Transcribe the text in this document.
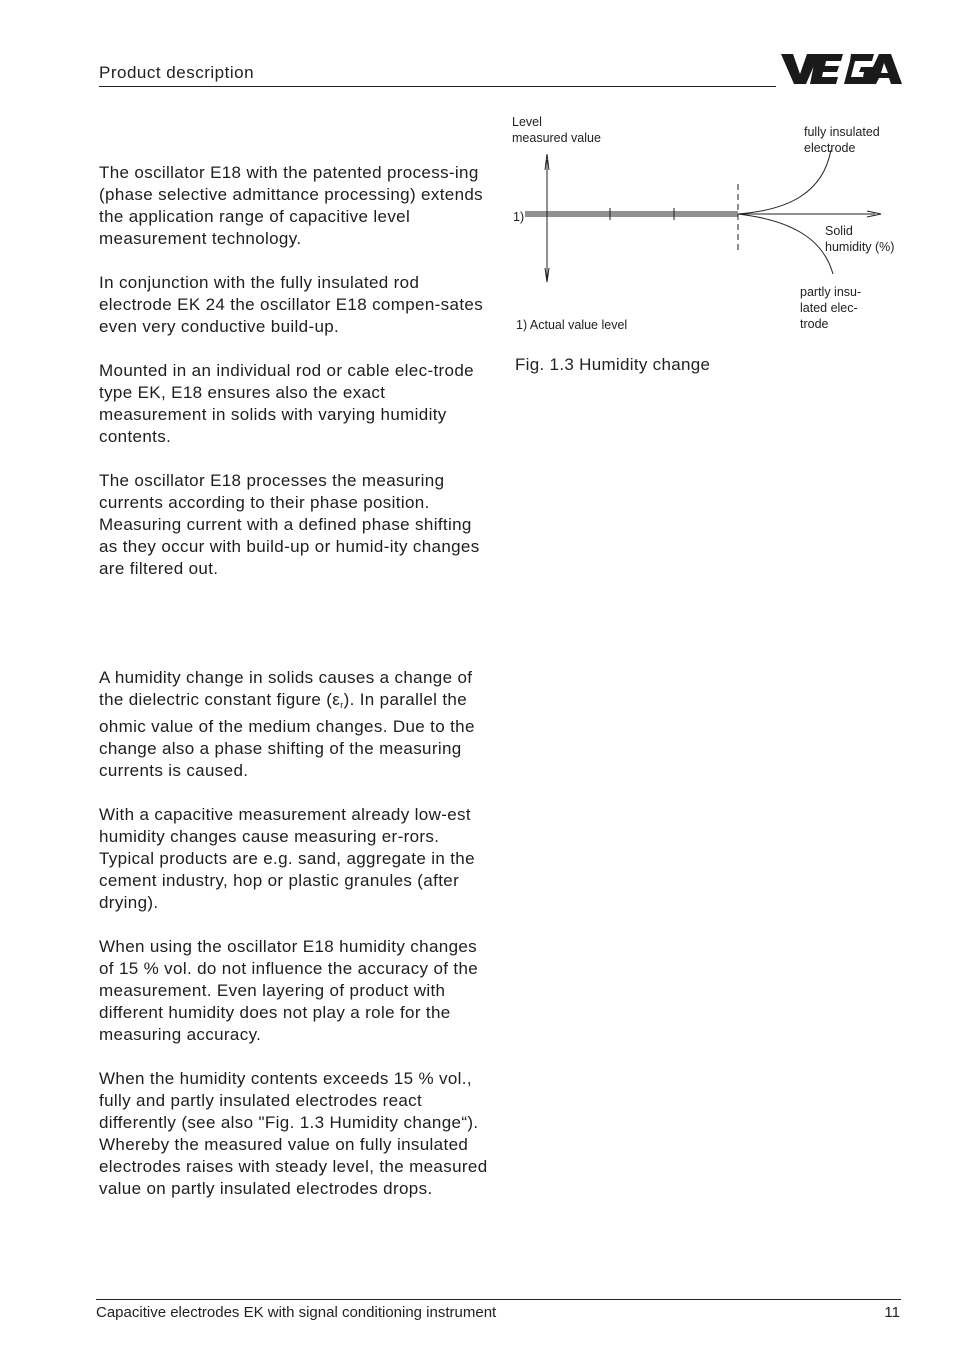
Product description

The oscillator E18 with the patented process-ing (phase selective admittance processing) extends the application range of capacitive level measurement technology.

In conjunction with the fully insulated rod electrode EK 24 the oscillator E18 compen-sates even very conductive build-up.

Mounted in an individual rod or cable elec-trode type EK, E18 ensures also the exact measurement in solids with varying humidity contents.

The oscillator E18 processes the measuring currents according to their phase position. Measuring current with a defined phase shifting as they occur with build-up or humid-ity changes are filtered out.

A humidity change in solids causes a change of the dielectric constant figure $(\varepsilon_r)$. In parallel the ohmic value of the medium changes. Due to the change also a phase shifting of the measuring currents is caused.

With a capacitive measurement already low-est humidity changes cause measuring er-rors. Typical products are e.g. sand, aggregate in the cement industry, hop or plastic granules (after drying).

When using the oscillator E18 humidity changes of 15 % vol. do not influence the accuracy of the measurement. Even layering of product with different humidity does not play a role for the measuring accuracy.

When the humidity contents exceeds 15 % vol., fully and partly insulated electrodes react differently (see also "Fig. 1.3 Humidity change“). Whereby the measured value on fully insulated electrodes raises with steady level, the measured value on partly insulated electrodes drops.

Level measured value	fully insulated electrode
1)
Solid humidity (%)
partly insu-lated elec-trode
1) Actual value level
Fig. 1.3 Humidity change
Capacitive electrodes EK with signal conditioning instrument	11
